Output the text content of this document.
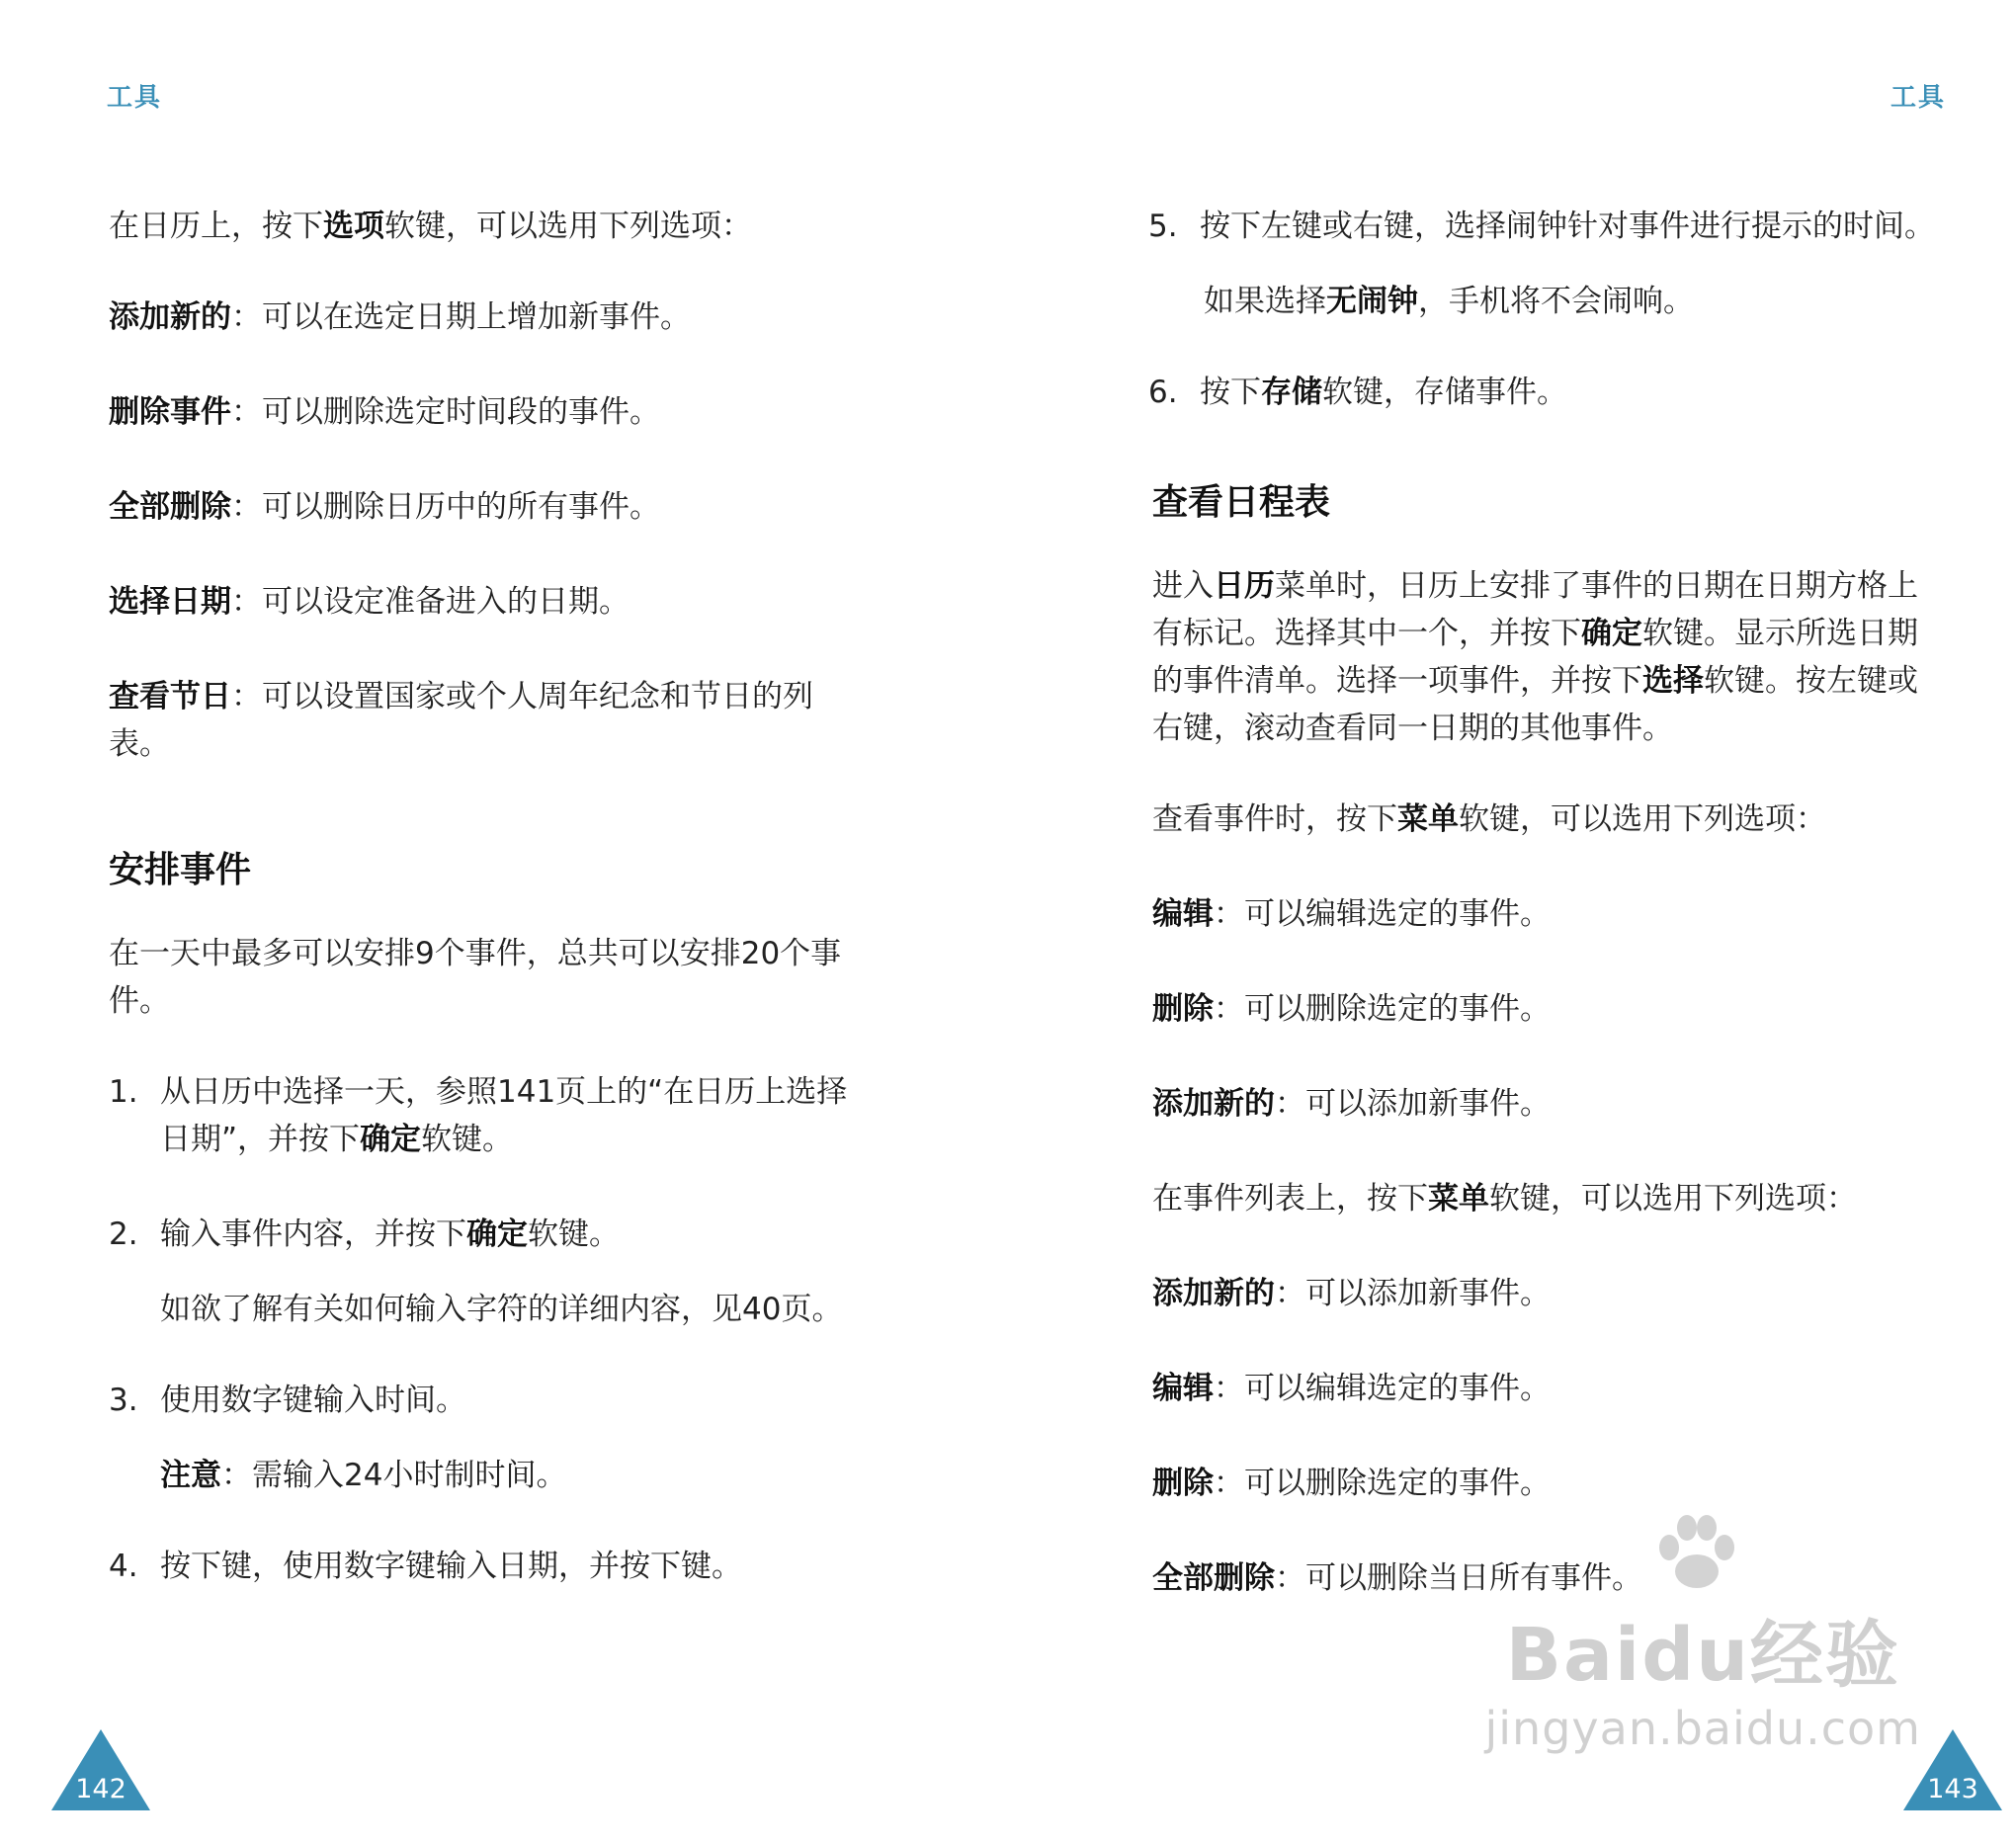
工具

在日历上，按下选项软键，可以选用下列选项：

添加新的：可以在选定日期上增加新事件。

删除事件：可以删除选定时间段的事件。

全部删除：可以删除日历中的所有事件。

选择日期：可以设定准备进入的日期。

查看节日：可以设置国家或个人周年纪念和节日的列表。

安排事件

在一天中最多可以安排9个事件，总共可以安排20个事件。

1. 从日历中选择一天，参照141页上的“在日历上选择日期”，并按下确定软键。
2. 输入事件内容，并按下确定软键。

如欲了解有关如何输入字符的详细内容，见40页。

3. 使用数字键输入时间。

注意：需输入24小时制时间。

4. 按下键，使用数字键输入日期，并按下键。
142
工具
5. 按下左键或右键，选择闹钟针对事件进行提示的时间。

如果选择无闹钟，手机将不会闹响。

6. 按下存储软键，存储事件。
查看日程表

进入日历菜单时，日历上安排了事件的日期在日期方格上有标记。选择其中一个，并按下确定软键。显示所选日期的事件清单。选择一项事件，并按下选择软键。按左键或右键，滚动查看同一日期的其他事件。

查看事件时，按下菜单软键，可以选用下列选项：

编辑：可以编辑选定的事件。

删除：可以删除选定的事件。

添加新的：可以添加新事件。

在事件列表上，按下菜单软键，可以选用下列选项：

添加新的：可以添加新事件。

编辑：可以编辑选定的事件。

删除：可以删除选定的事件。

全部删除：可以删除当日所有事件。

143
Baidu经验
jingyan.baidu.com
